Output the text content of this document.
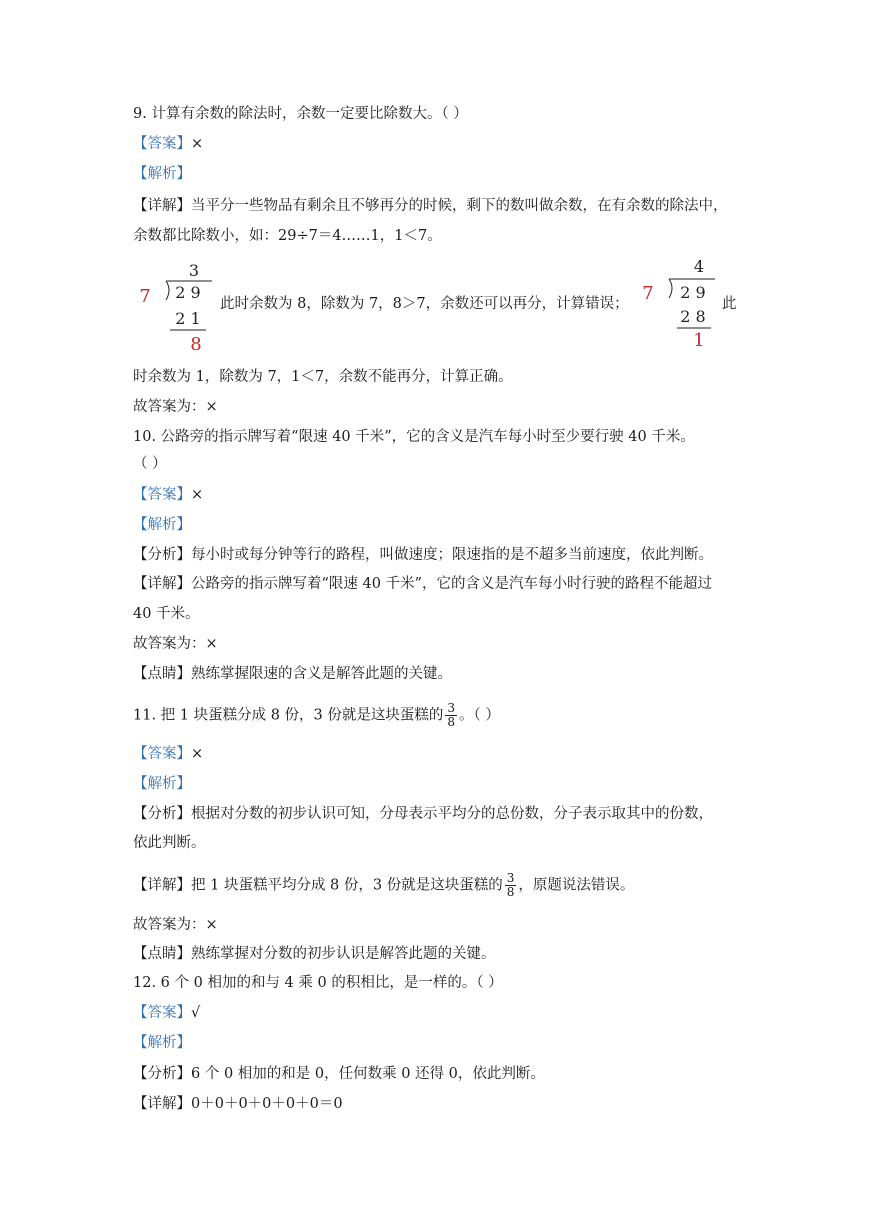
9. 计算有余数的除法时，余数一定要比除数大。（ ）
【答案】×
【解析】
【详解】当平分一些物品有剩余且不够再分的时候，剩下的数叫做余数，在有余数的除法中，
余数都比除数小，如：29÷7＝4……1，1＜7。
3
7 2 9
2 1
8
此时余数为 8，除数为 7，8＞7，余数还可以再分，计算错误；
4
7 2 9
2 8
1
此
时余数为 1，除数为 7，1＜7，余数不能再分，计算正确。
故答案为：×
10. 公路旁的指示牌写着“限速 40 千米”，它的含义是汽车每小时至少要行驶 40 千米。
（ ）
【答案】×
【解析】
【分析】每小时或每分钟等行的路程，叫做速度；限速指的是不超多当前速度，依此判断。
【详解】公路旁的指示牌写着“限速 40 千米”，它的含义是汽车每小时行驶的路程不能超过
40 千米。
故答案为：×
【点睛】熟练掌握限速的含义是解答此题的关键。
11. 把 1 块蛋糕分成 8 份，3 份就是这块蛋糕的 $\frac{3}{8}$ 。（ ）
【答案】×
【解析】
【分析】根据对分数的初步认识可知，分母表示平均分的总份数，分子表示取其中的份数，
依此判断。
【详解】把 1 块蛋糕平均分成 8 份，3 份就是这块蛋糕的 $\frac{3}{8}$ ，原题说法错误。
故答案为：×
【点睛】熟练掌握对分数的初步认识是解答此题的关键。
12. 6 个 0 相加的和与 4 乘 0 的积相比，是一样的。（ ）
【答案】√
【解析】
【分析】6 个 0 相加的和是 0，任何数乘 0 还得 0，依此判断。
【详解】0＋0＋0＋0＋0＋0＝0
